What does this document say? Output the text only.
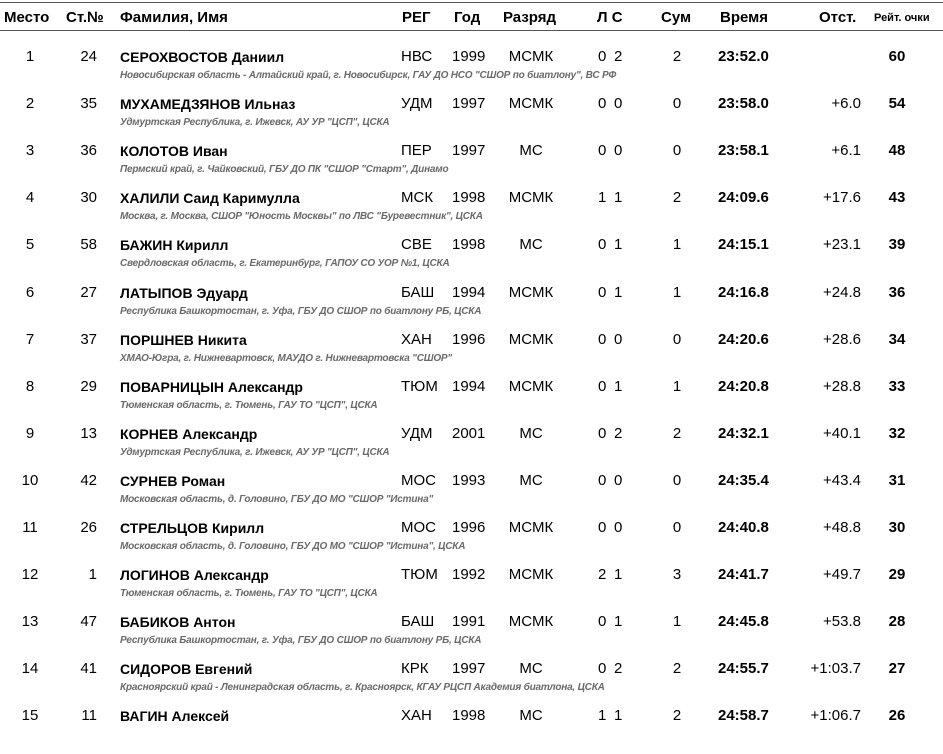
Место Ст.№ Фамилия, Имя	РЕГ Год Разряд	Л С	Сум Время	Отст. Рейт. очки
1	24 СЕРОХВОСТОВ Даниил	НВС 1999	МСМК	0 2	2	23:52.0	60
Новосибирская область - Алтайский край, г. Новосибирск, ГАУ ДО НСО "СШОР по биатлону", ВС РФ
2	35 МУХАМЕДЗЯНОВ Ильназ	УДМ 1997	МСМК	0 0	0	23:58.0	+6.0	54
Удмуртская Республика, г. Ижевск, АУ УР "ЦСП", ЦСКА
3	36 КОЛОТОВ Иван	ПЕР 1997	МС	0 0	0	23:58.1	+6.1	48
Пермский край, г. Чайковский, ГБУ ДО ПК "СШОР "Старт", Динамо
4	30 ХАЛИЛИ Саид Каримулла	МСК 1998	МСМК	1 1	2	24:09.6	+17.6	43
Москва, г. Москва, СШОР "Юность Москвы" по ЛВС "Буревестник", ЦСКА
5	58 БАЖИН Кирилл	СВЕ 1998	МС	0 1	1	24:15.1	+23.1	39
Свердловская область, г. Екатеринбург, ГАПОУ СО УОР №1, ЦСКА
6	27 ЛАТЫПОВ Эдуард	БАШ 1994	МСМК	0 1	1	24:16.8	+24.8	36
Республика Башкортостан, г. Уфа, ГБУ ДО СШОР по биатлону РБ, ЦСКА
7	37 ПОРШНЕВ Никита	ХАН 1996	МСМК	0 0	0	24:20.6	+28.6	34
ХМАО-Югра, г. Нижневартовск, МАУДО г. Нижневартовска "СШОР"
8	29 ПОВАРНИЦЫН Александр	ТЮМ 1994	МСМК	0 1	1	24:20.8	+28.8	33
Тюменская область, г. Тюмень, ГАУ ТО "ЦСП", ЦСКА
9	13 КОРНЕВ Александр	УДМ 2001	МС	0 2	2	24:32.1	+40.1	32
Удмуртская Республика, г. Ижевск, АУ УР "ЦСП", ЦСКА
10	42 СУРНЕВ Роман	МОС 1993	МС	0 0	0	24:35.4	+43.4	31
Московская область, д. Головино, ГБУ ДО МО "СШОР "Истина"
11	26 СТРЕЛЬЦОВ Кирилл	МОС 1996	МСМК	0 0	0	24:40.8	+48.8	30
Московская область, д. Головино, ГБУ ДО МО "СШОР "Истина", ЦСКА
12	1 ЛОГИНОВ Александр	ТЮМ 1992	МСМК	2 1	3	24:41.7	+49.7	29
Тюменская область, г. Тюмень, ГАУ ТО "ЦСП", ЦСКА
13	47 БАБИКОВ Антон	БАШ 1991	МСМК	0 1	1	24:45.8	+53.8	28
Республика Башкортостан, г. Уфа, ГБУ ДО СШОР по биатлону РБ, ЦСКА
14	41 СИДОРОВ Евгений	КРК 1997	МС	0 2	2	24:55.7	+1:03.7	27
Красноярский край - Ленинградская область, г. Красноярск, КГАУ РЦСП Академия биатлона, ЦСКА
15	11 ВАГИН Алексей	ХАН 1998	МС	1 1	2	24:58.7	+1:06.7	26
